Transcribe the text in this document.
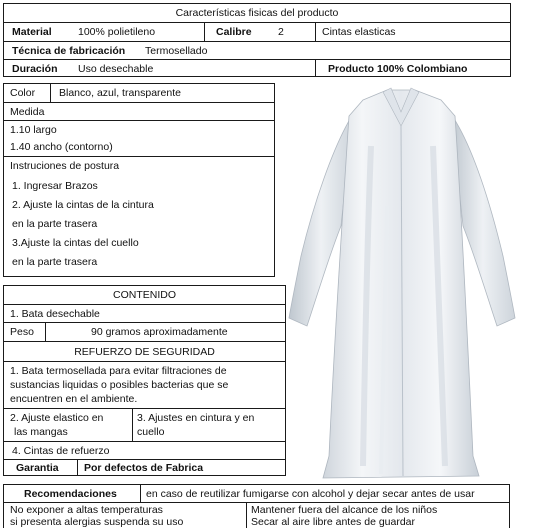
Características fisicas del producto
Material	100% polietileno	Calibre	2	Cintas elasticas
Técnica de fabricación Termosellado
Duración Uso desechable	Producto 100% Colombiano
Color Blanco, azul, transparente
Medida
1.10 largo
1.40 ancho (contorno)
Instruciones de postura
1. Ingresar Brazos
2. Ajuste la cintas de la cintura
en la parte trasera
3.Ajuste la cintas del cuello
en la parte trasera
CONTENIDO
1. Bata desechable
Peso	90 gramos aproximadamente
REFUERZO DE SEGURIDAD
1. Bata termosellada para evitar filtraciones de
sustancias liquidas o posibles bacterias que se
encuentren en el ambiente.
2. Ajuste elastico en
las mangas
3. Ajustes en cintura y en
cuello
4. Cintas de refuerzo
Garantia Por defectos de Fabrica
Recomendaciones	en caso de reutilizar fumigarse con alcohol y dejar secar antes de usar
No exponer a altas temperaturas
si presenta alergias suspenda su uso
Mantener fuera del alcance de los niños
Secar al aire libre antes de guardar
